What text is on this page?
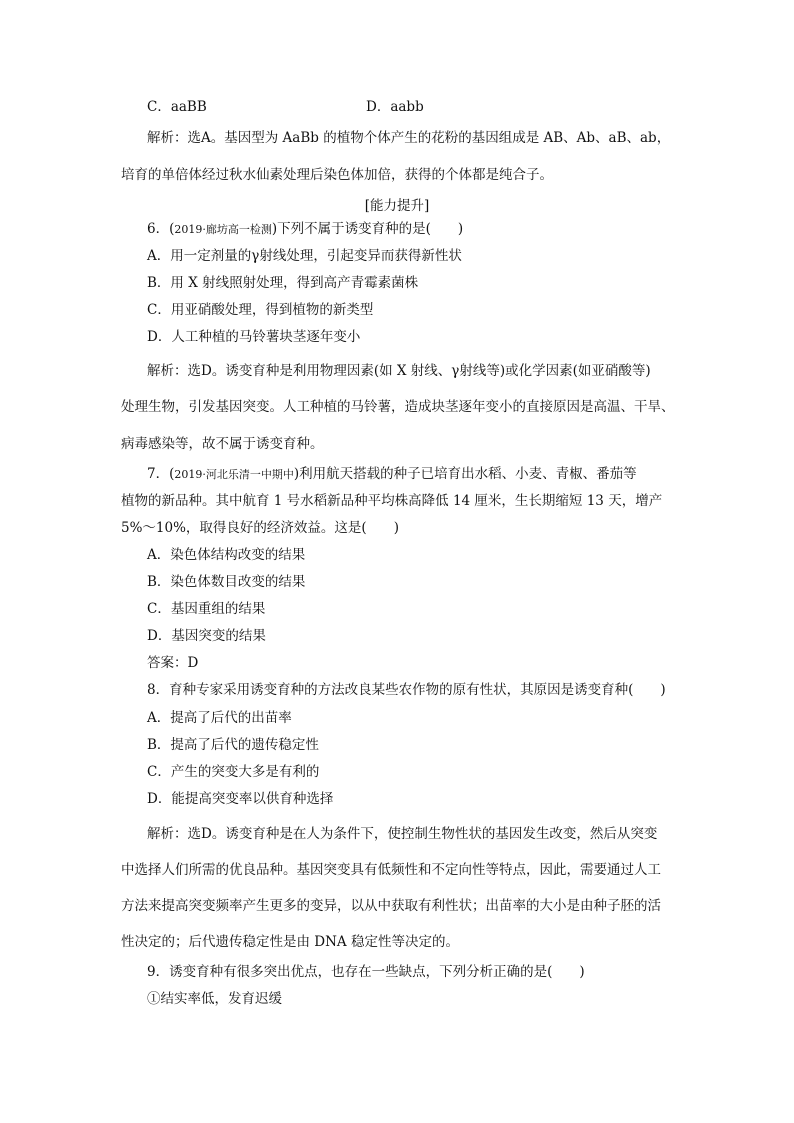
C．aaBB	D．aabb
解析：选A。基因型为 AaBb 的植物个体产生的花粉的基因组成是 AB、Ab、aB、ab，
培育的单倍体经过秋水仙素处理后染色体加倍，获得的个体都是纯合子。
[能力提升]
6．(2019·廊坊高一检测)下列不属于诱变育种的是(　　)
A．用一定剂量的γ射线处理，引起变异而获得新性状
B．用 X 射线照射处理，得到高产青霉素菌株
C．用亚硝酸处理，得到植物的新类型
D．人工种植的马铃薯块茎逐年变小
解析：选D。诱变育种是利用物理因素(如 X 射线、γ射线等)或化学因素(如亚硝酸等)
处理生物，引发基因突变。人工种植的马铃薯，造成块茎逐年变小的直接原因是高温、干旱、
病毒感染等，故不属于诱变育种。
7．(2019·河北乐清一中期中)利用航天搭载的种子已培育出水稻、小麦、青椒、番茄等
植物的新品种。其中航育 1 号水稻新品种平均株高降低 14 厘米，生长期缩短 13 天，增产
5%～10%，取得良好的经济效益。这是(　　)
A．染色体结构改变的结果
B．染色体数目改变的结果
C．基因重组的结果
D．基因突变的结果
答案：D
8．育种专家采用诱变育种的方法改良某些农作物的原有性状，其原因是诱变育种(　　)
A．提高了后代的出苗率
B．提高了后代的遗传稳定性
C．产生的突变大多是有利的
D．能提高突变率以供育种选择
解析：选D。诱变育种是在人为条件下，使控制生物性状的基因发生改变，然后从突变
中选择人们所需的优良品种。基因突变具有低频性和不定向性等特点，因此，需要通过人工
方法来提高突变频率产生更多的变异，以从中获取有利性状；出苗率的大小是由种子胚的活
性决定的；后代遗传稳定性是由 DNA 稳定性等决定的。
9．诱变育种有很多突出优点，也存在一些缺点，下列分析正确的是(　　)
①结实率低，发育迟缓
